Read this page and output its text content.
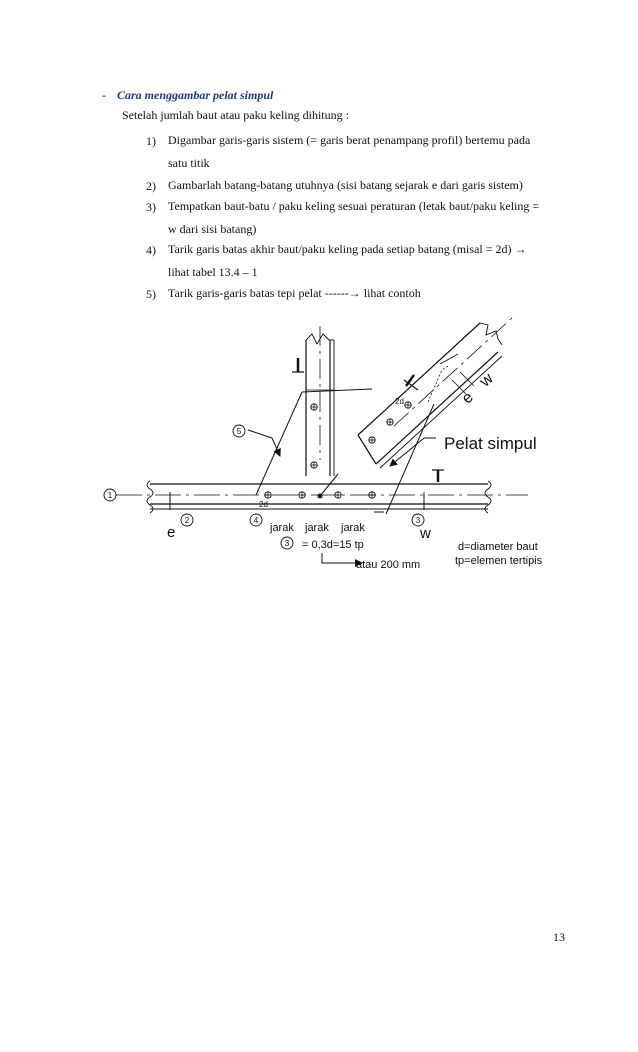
- Cara menggambar pelat simpul
Setelah jumlah baut atau paku keling dihitung :
1) Digambar garis-garis sistem (= garis berat penampang profil) bertemu pada
satu titik
2) Gambarlah batang-batang utuhnya (sisi batang sejarak e dari garis sistem)
3) Tempatkan baut-batu / paku keling sesuai peraturan (letak baut/paku keling =
w dari sisi batang)
4) Tarik garis batas akhir baut/paku keling pada setiap batang (misal = 2d) →
lihat tabel 13.4 – 1
5) Tarik garis-garis batas tepi pelat ------→ lihat contoh
1
2	4
3
3
5
Pelat simpul
e	w
e
w
2d
2d
jarak jarak jarak
= 0,3d=15 tp
atau 200 mm
d=diameter baut
tp=elemen tertipis
13
